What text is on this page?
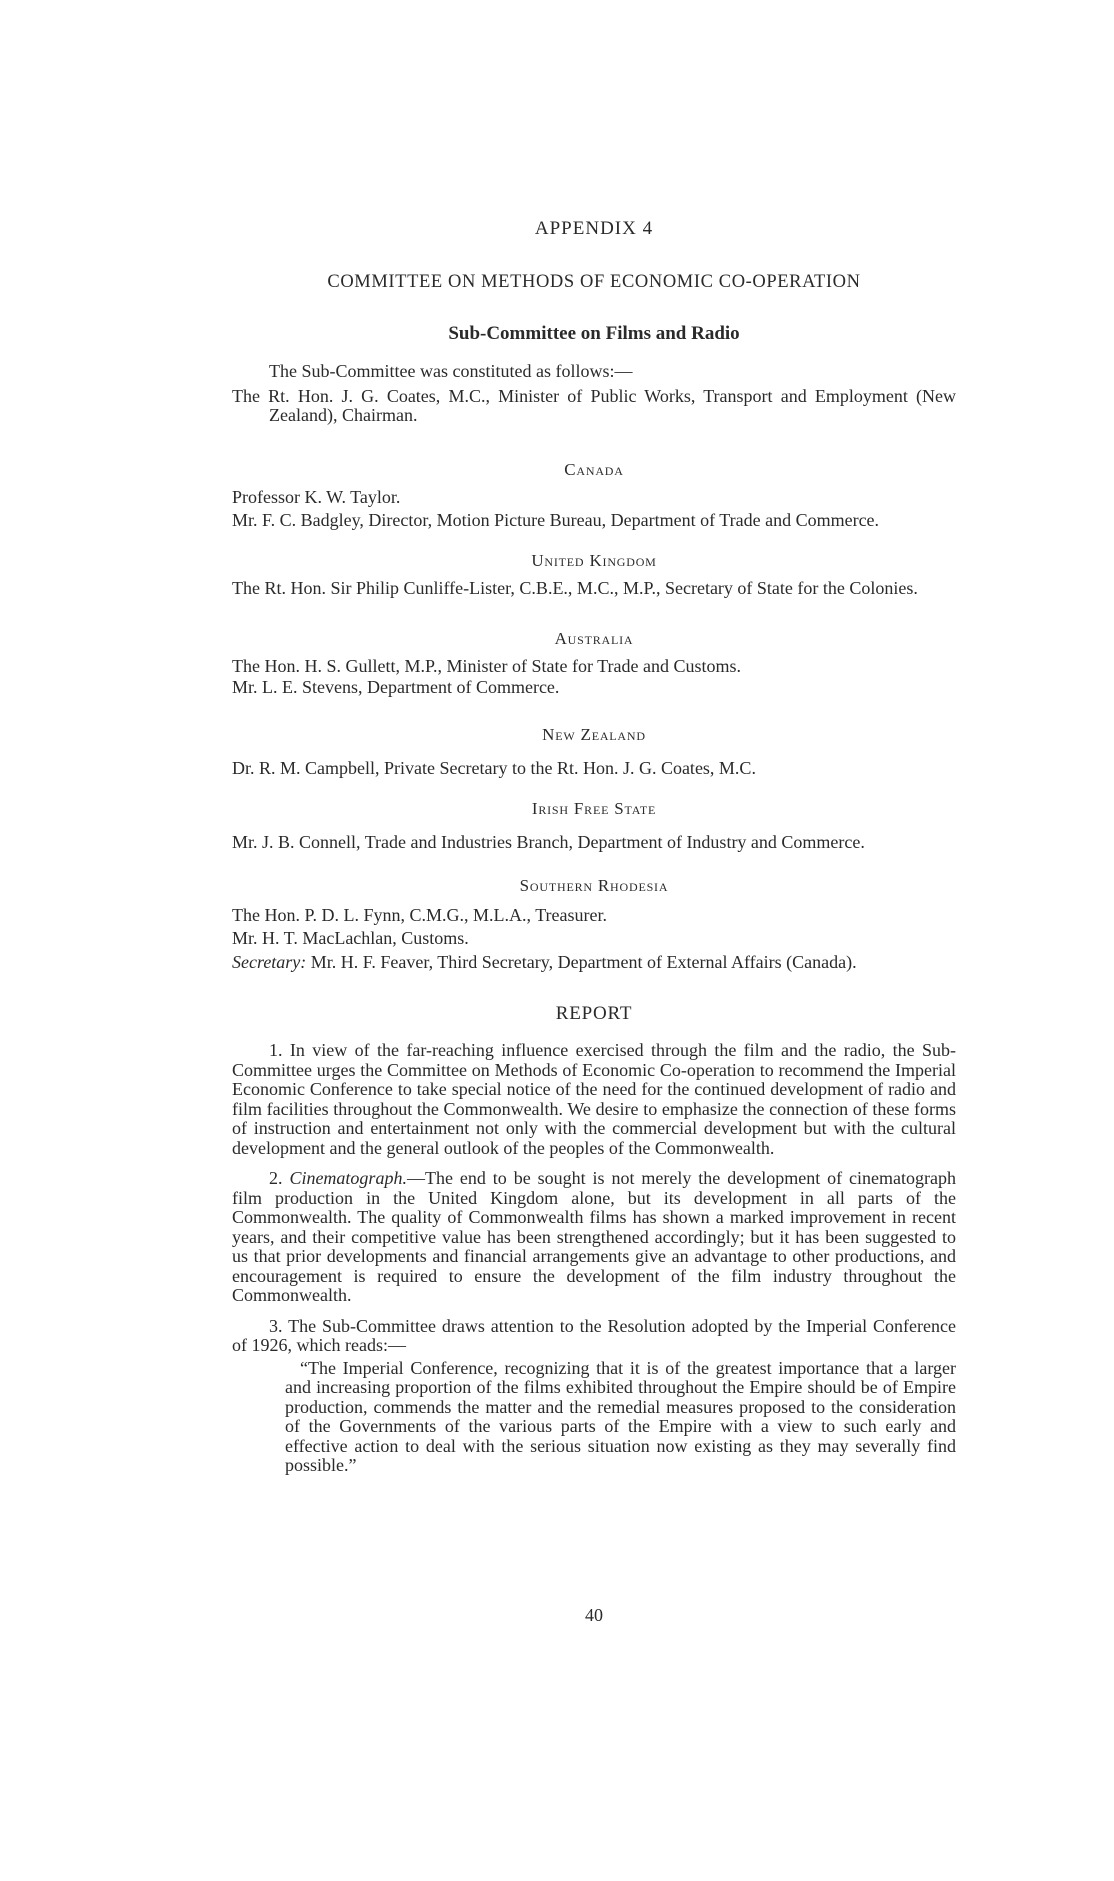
APPENDIX 4
COMMITTEE ON METHODS OF ECONOMIC CO-OPERATION
Sub-Committee on Films and Radio

The Sub-Committee was constituted as follows:—

The Rt. Hon. J. G. Coates, M.C., Minister of Public Works, Transport and Employment (New Zealand), Chairman.

Canada

Professor K. W. Taylor.

Mr. F. C. Badgley, Director, Motion Picture Bureau, Department of Trade and Commerce.

United Kingdom

The Rt. Hon. Sir Philip Cunliffe-Lister, C.B.E., M.C., M.P., Secretary of State for the Colonies.

Australia

The Hon. H. S. Gullett, M.P., Minister of State for Trade and Customs.

Mr. L. E. Stevens, Department of Commerce.

New Zealand

Dr. R. M. Campbell, Private Secretary to the Rt. Hon. J. G. Coates, M.C.

Irish Free State

Mr. J. B. Connell, Trade and Industries Branch, Department of Industry and Commerce.

Southern Rhodesia

The Hon. P. D. L. Fynn, C.M.G., M.L.A., Treasurer.

Mr. H. T. MacLachlan, Customs.

Secretary: Mr. H. F. Feaver, Third Secretary, Department of External Affairs (Canada).

REPORT

1. In view of the far-reaching influence exercised through the film and the radio, the Sub-Committee urges the Committee on Methods of Economic Co-operation to recommend the Imperial Economic Conference to take special notice of the need for the continued development of radio and film facilities throughout the Commonwealth. We desire to emphasize the connection of these forms of instruction and entertainment not only with the commercial development but with the cultural development and the general outlook of the peoples of the Commonwealth.

2. Cinematograph.—The end to be sought is not merely the development of cinematograph film production in the United Kingdom alone, but its development in all parts of the Commonwealth. The quality of Commonwealth films has shown a marked improvement in recent years, and their competitive value has been strengthened accordingly; but it has been suggested to us that prior developments and financial arrangements give an advantage to other productions, and encouragement is required to ensure the development of the film industry throughout the Commonwealth.

3. The Sub-Committee draws attention to the Resolution adopted by the Imperial Conference of 1926, which reads:—

“The Imperial Conference, recognizing that it is of the greatest importance that a larger and increasing proportion of the films exhibited throughout the Empire should be of Empire production, commends the matter and the remedial measures proposed to the consideration of the Governments of the various parts of the Empire with a view to such early and effective action to deal with the serious situation now existing as they may severally find possible.”

40
